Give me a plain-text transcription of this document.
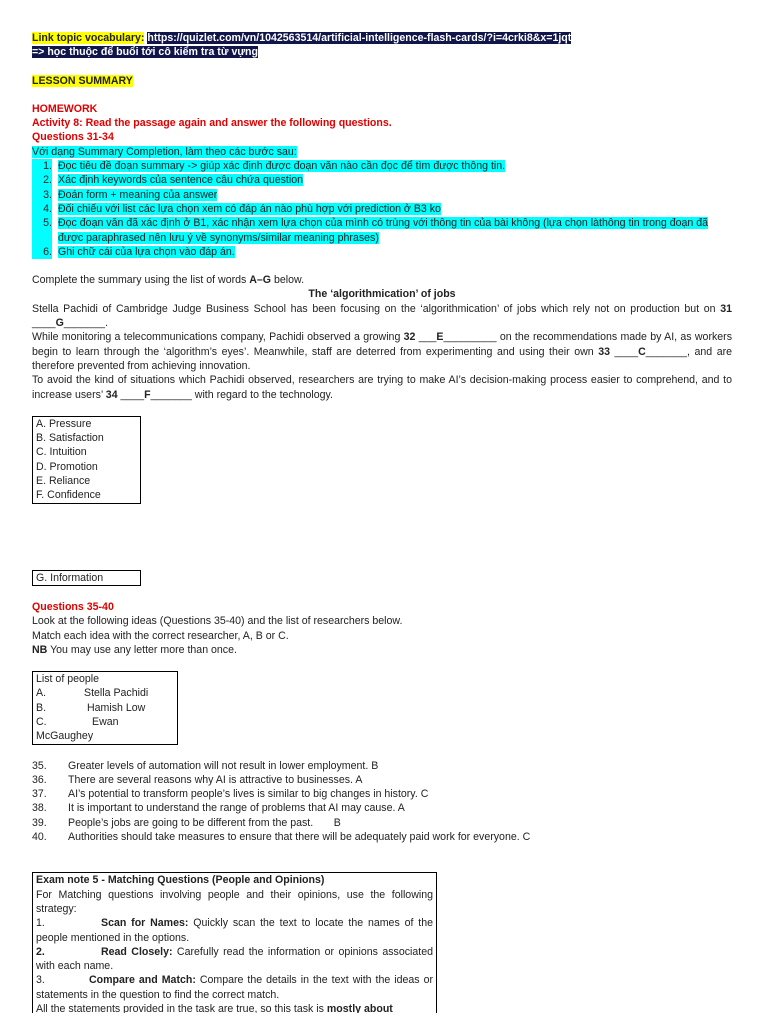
Link topic vocabulary: https://quizlet.com/vn/1042563514/artificial-intelligence-flash-cards/?i=4crki8&x=1jqt
=> học thuộc để buổi tới cô kiểm tra từ vựng
LESSON SUMMARY
HOMEWORK
Activity 8: Read the passage again and answer the following questions.
Questions 31-34
Với dạng Summary Completion, làm theo các bước sau:
1. Đọc tiêu đề đoạn summary -> giúp xác định được đoạn văn nào cần đọc để tìm được thông tin.
2. Xác định keywords của sentence câu chứa question
3. Đoán form + meaning của answer
4. Đối chiếu với list các lựa chọn xem có đáp án nào phù hợp với prediction ở B3 ko
5. Đọc đoạn văn đã xác định ở B1, xác nhận xem lựa chọn của mình có trùng với thông tin của bài không (lựa chọn làthông tin trong đoạn đã được paraphrased nên lưu ý về synonyms/similar meaning phrases)
6. Ghi chữ cái của lựa chọn vào đáp án.
Complete the summary using the list of words A–G below.
The ‘algorithmication’ of jobs
Stella Pachidi of Cambridge Judge Business School has been focusing on the ‘algorithmication’ of jobs which rely not on production but on 31 ____G_______.
While monitoring a telecommunications company, Pachidi observed a growing 32 ___E_________ on the recommendations made by AI, as workers begin to learn through the ‘algorithm’s eyes’. Meanwhile, staff are deterred from experimenting and using their own 33 ____C_______, and are therefore prevented from achieving innovation.
To avoid the kind of situations which Pachidi observed, researchers are trying to make AI’s decision-making process easier to comprehend, and to increase users’ 34 ____F_______ with regard to the technology.
A. Pressure
B. Satisfaction
C. Intuition
D. Promotion
E. Reliance
F. Confidence
G. Information
Questions 35-40
Look at the following ideas (Questions 35-40) and the list of researchers below.
Match each idea with the correct researcher, A, B or C.
NB You may use any letter more than once.
List of people
A.	Stella Pachidi
B.	Hamish Low
C.	Ewan
McGaughey
35.	Greater levels of automation will not result in lower employment. B
36.	There are several reasons why AI is attractive to businesses. A
37.	AI’s potential to transform people’s lives is similar to big changes in history. C
38.	It is important to understand the range of problems that AI may cause. A
39.	People’s jobs are going to be different from the past.       B
40.	Authorities should take measures to ensure that there will be adequately paid work for everyone. C
Exam note 5 - Matching Questions (People and Opinions)
For Matching questions involving people and their opinions, use the following strategy:
1.	Scan for Names: Quickly scan the text to locate the names of the people mentioned in the options.
2.	Read Closely: Carefully read the information or opinions associated with each name.
3.	Compare and Match: Compare the details in the text with the ideas or statements in the question to find the correct match.
All the statements provided in the task are true, so this task is mostly about
